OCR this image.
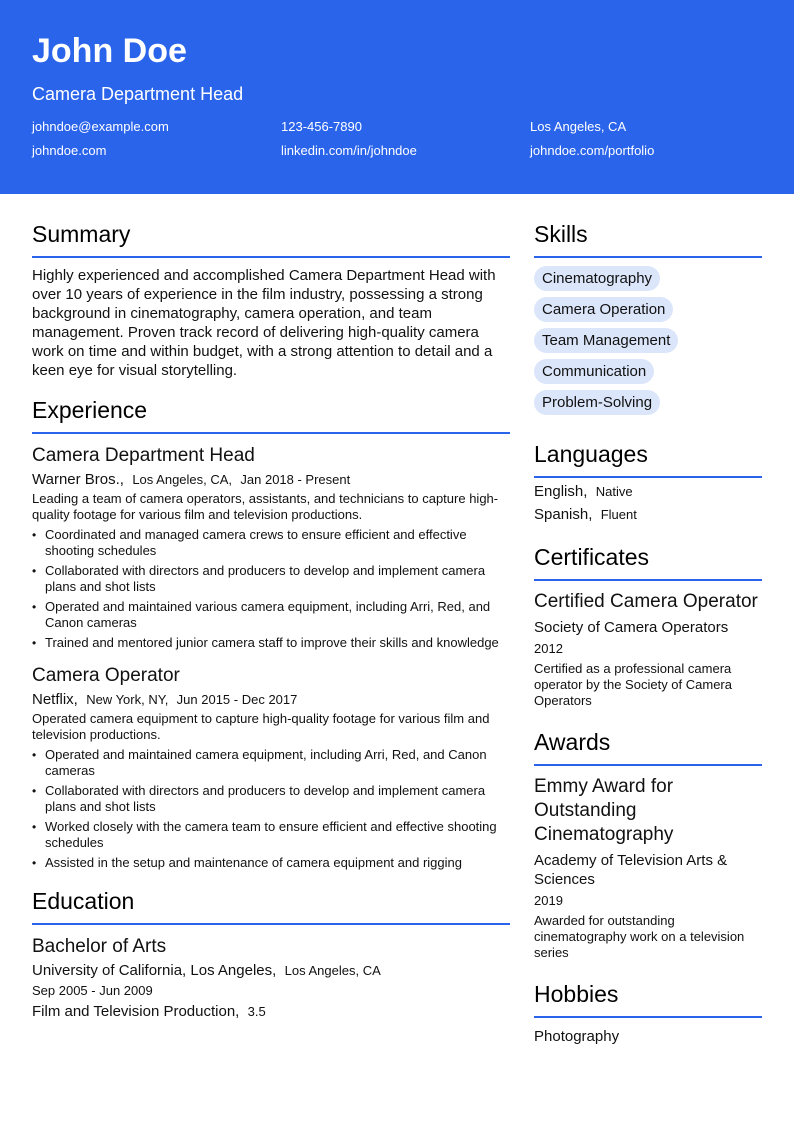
John Doe
Camera Department Head
johndoe@example.com	123-456-7890	Los Angeles, CA
johndoe.com	linkedin.com/in/johndoe	johndoe.com/portfolio
Summary
Highly experienced and accomplished Camera Department Head with over 10 years of experience in the film industry, possessing a strong background in cinematography, camera operation, and team management. Proven track record of delivering high-quality camera work on time and within budget, with a strong attention to detail and a keen eye for visual storytelling.
Experience
Camera Department Head
Warner Bros., Los Angeles, CA, Jan 2018 - Present
Leading a team of camera operators, assistants, and technicians to capture high-quality footage for various film and television productions.
• Coordinated and managed camera crews to ensure efficient and effective shooting schedules
• Collaborated with directors and producers to develop and implement camera plans and shot lists
• Operated and maintained various camera equipment, including Arri, Red, and Canon cameras
• Trained and mentored junior camera staff to improve their skills and knowledge
Camera Operator
Netflix, New York, NY, Jun 2015 - Dec 2017
Operated camera equipment to capture high-quality footage for various film and television productions.
• Operated and maintained camera equipment, including Arri, Red, and Canon cameras
• Collaborated with directors and producers to develop and implement camera plans and shot lists
• Worked closely with the camera team to ensure efficient and effective shooting schedules
• Assisted in the setup and maintenance of camera equipment and rigging
Education
Bachelor of Arts
University of California, Los Angeles, Los Angeles, CA
Sep 2005 - Jun 2009
Film and Television Production, 3.5
Skills
Cinematography
Camera Operation
Team Management
Communication
Problem-Solving
Languages
English, Native
Spanish, Fluent
Certificates
Certified Camera Operator
Society of Camera Operators
2012
Certified as a professional camera operator by the Society of Camera Operators
Awards
Emmy Award for Outstanding Cinematography
Academy of Television Arts & Sciences
2019
Awarded for outstanding cinematography work on a television series
Hobbies
Photography
